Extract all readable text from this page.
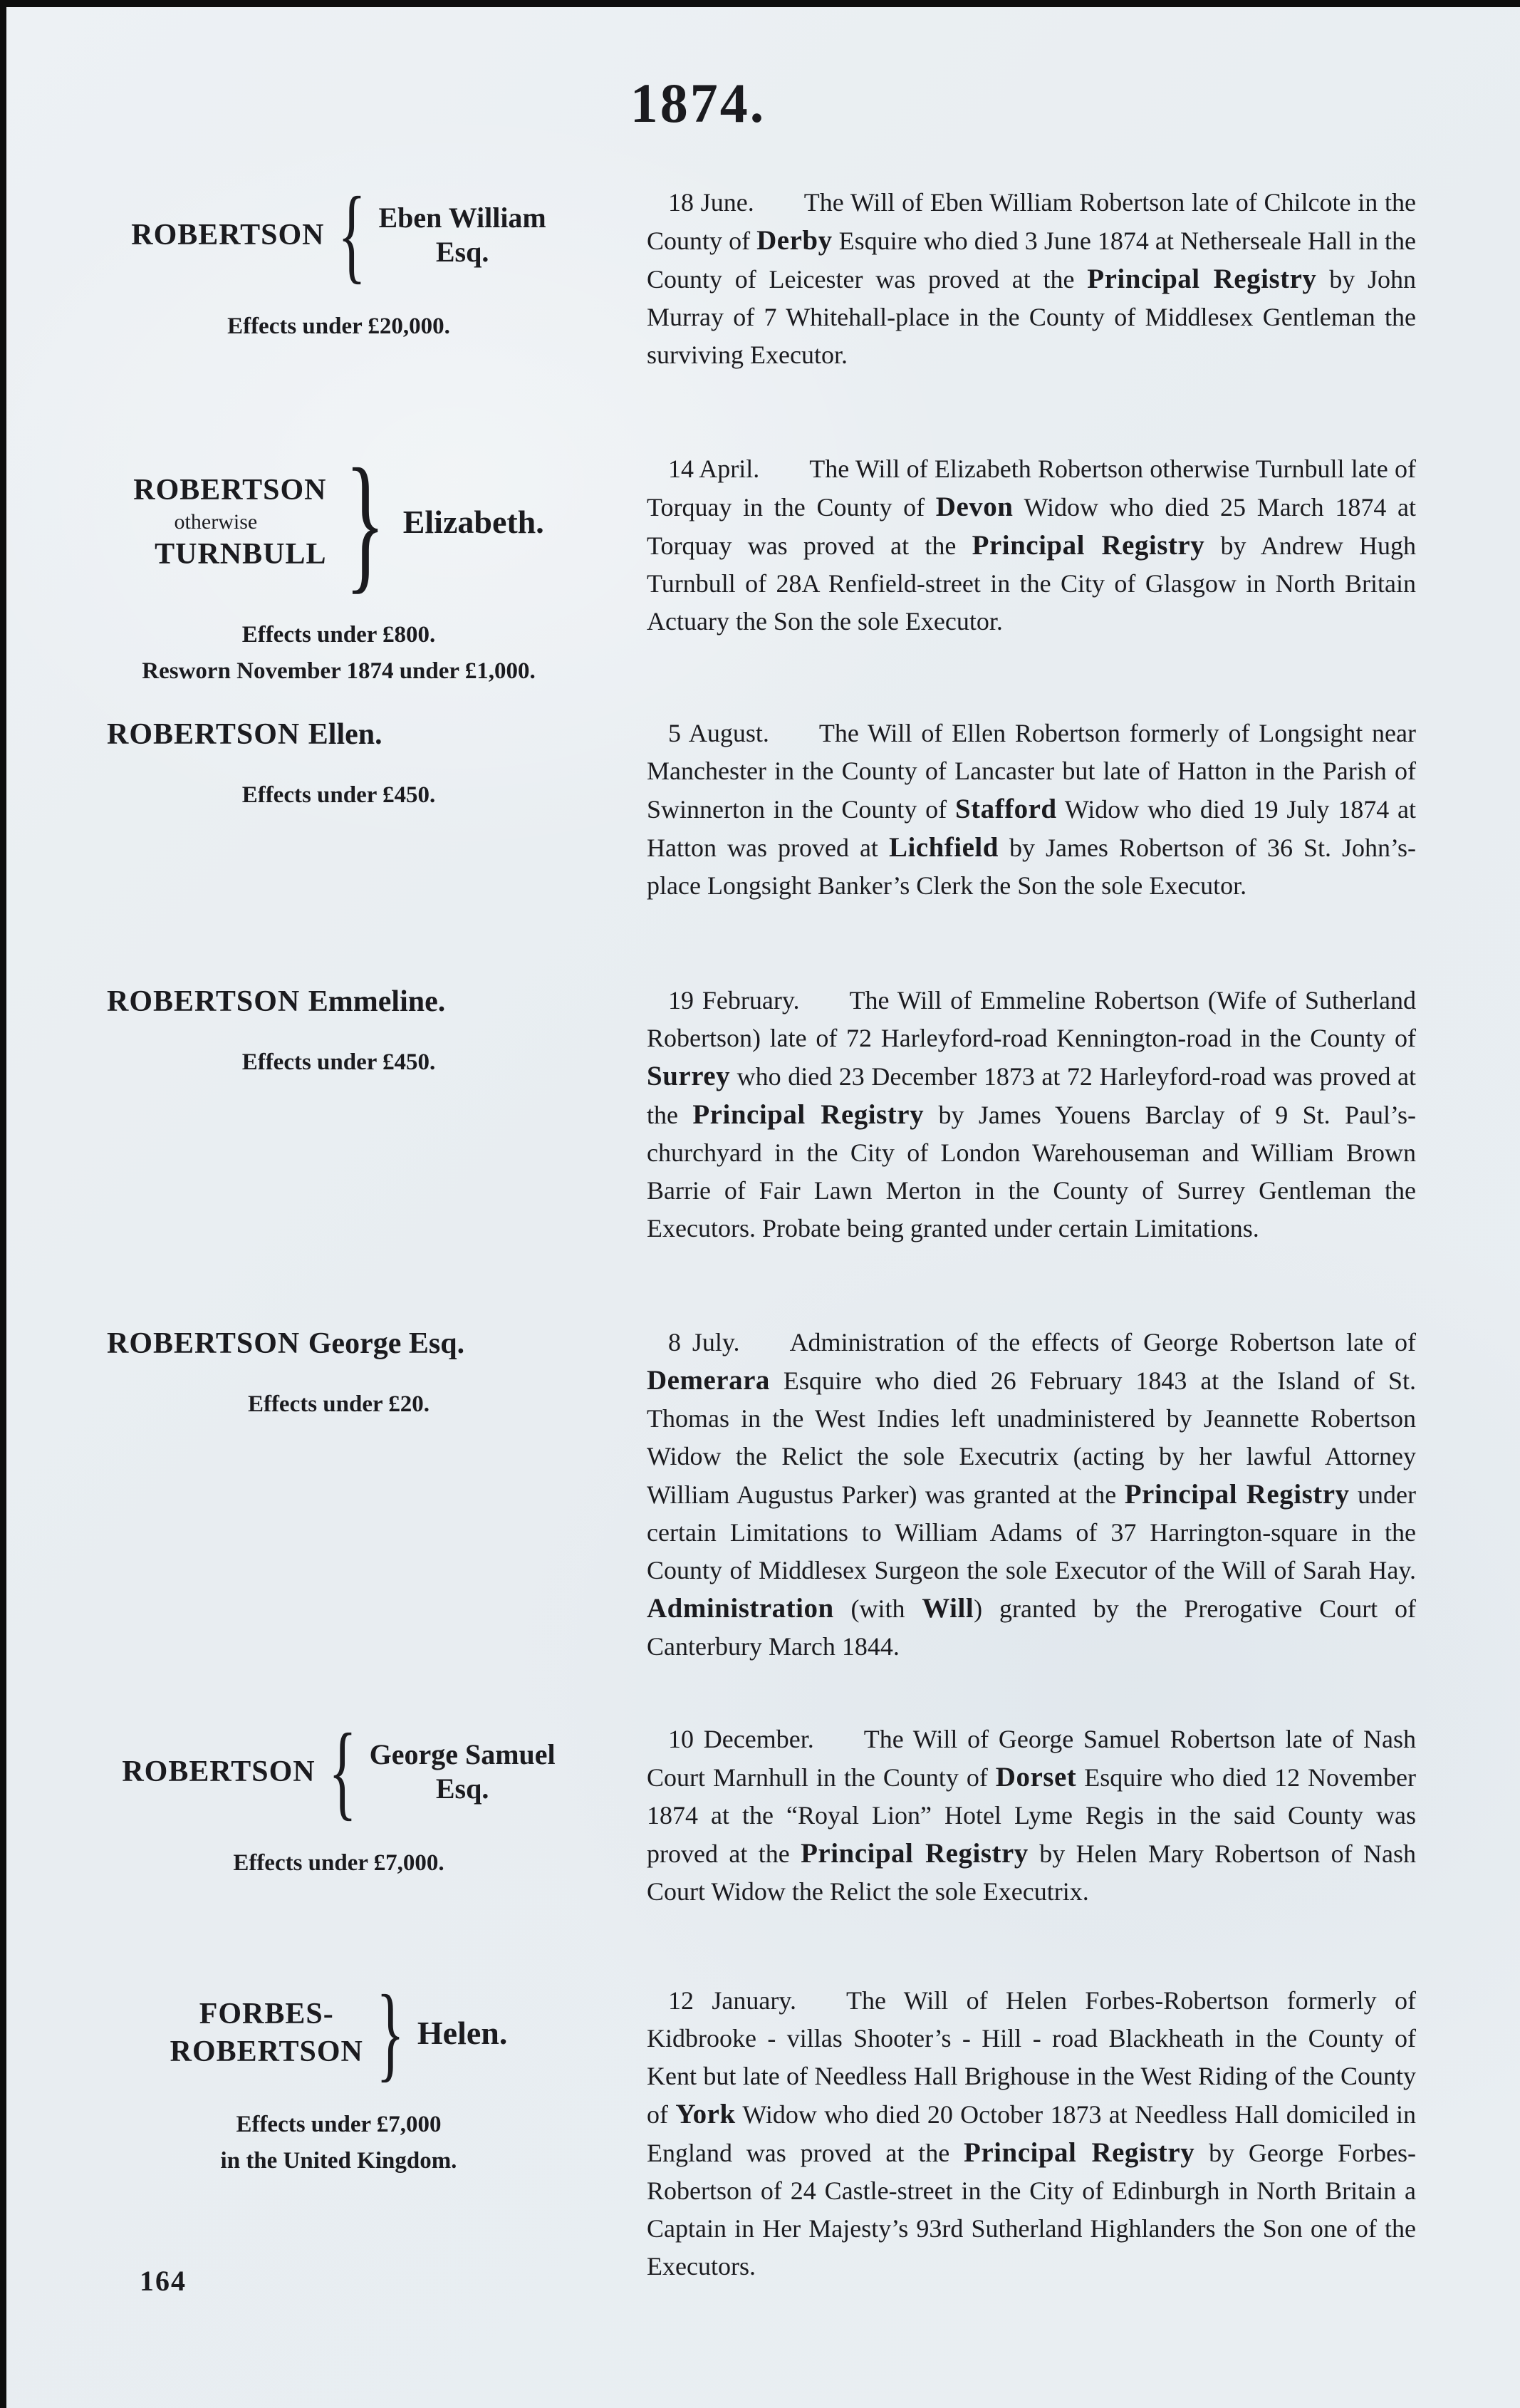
1874.
ROBERTSON { Eben William
Esq.
Effects under £20,000.

18 June. The Will of Eben William Robertson late of Chilcote in the County of Derby Esquire who died 3 June 1874 at Netherseale Hall in the County of Leicester was proved at the Principal Registry by John Murray of 7 Whitehall-place in the County of Middlesex Gentleman the surviving Executor.

ROBERTSON
otherwise
TURNBULL } Elizabeth.
Effects under £800.
Resworn November 1874 under £1,000.

14 April. The Will of Elizabeth Robertson otherwise Turnbull late of Torquay in the County of Devon Widow who died 25 March 1874 at Torquay was proved at the Principal Registry by Andrew Hugh Turnbull of 28A Renfield-street in the City of Glasgow in North Britain Actuary the Son the sole Executor.

ROBERTSON Ellen.
Effects under £450.

5 August. The Will of Ellen Robertson formerly of Longsight near Manchester in the County of Lancaster but late of Hatton in the Parish of Swinnerton in the County of Stafford Widow who died 19 July 1874 at Hatton was proved at Lichfield by James Robertson of 36 St. John’s-place Longsight Banker’s Clerk the Son the sole Executor.

ROBERTSON Emmeline.
Effects under £450.

19 February. The Will of Emmeline Robertson (Wife of Sutherland Robertson) late of 72 Harleyford-road Kennington-road in the County of Surrey who died 23 December 1873 at 72 Harleyford-road was proved at the Principal Registry by James Youens Barclay of 9 St. Paul’s-churchyard in the City of London Warehouseman and William Brown Barrie of Fair Lawn Merton in the County of Surrey Gentleman the Executors. Probate being granted under certain Limitations.

ROBERTSON George Esq.
Effects under £20.

8 July. Administration of the effects of George Robertson late of Demerara Esquire who died 26 February 1843 at the Island of St. Thomas in the West Indies left unadministered by Jeannette Robertson Widow the Relict the sole Executrix (acting by her lawful Attorney William Augustus Parker) was granted at the Principal Registry under certain Limitations to William Adams of 37 Harrington-square in the County of Middlesex Surgeon the sole Executor of the Will of Sarah Hay. Administration (with Will) granted by the Prerogative Court of Canterbury March 1844.

ROBERTSON { George Samuel
Esq.
Effects under £7,000.

10 December. The Will of George Samuel Robertson late of Nash Court Marnhull in the County of Dorset Esquire who died 12 November 1874 at the “Royal Lion” Hotel Lyme Regis in the said County was proved at the Principal Registry by Helen Mary Robertson of Nash Court Widow the Relict the sole Executrix.

FORBES-
ROBERTSON } Helen.
Effects under £7,000
in the United Kingdom.

12 January. The Will of Helen Forbes-Robertson formerly of Kidbrooke - villas Shooter’s - Hill - road Blackheath in the County of Kent but late of Needless Hall Brighouse in the West Riding of the County of York Widow who died 20 October 1873 at Needless Hall domiciled in England was proved at the Principal Registry by George Forbes-Robertson of 24 Castle-street in the City of Edinburgh in North Britain a Captain in Her Majesty’s 93rd Sutherland Highlanders the Son one of the Executors.

164
